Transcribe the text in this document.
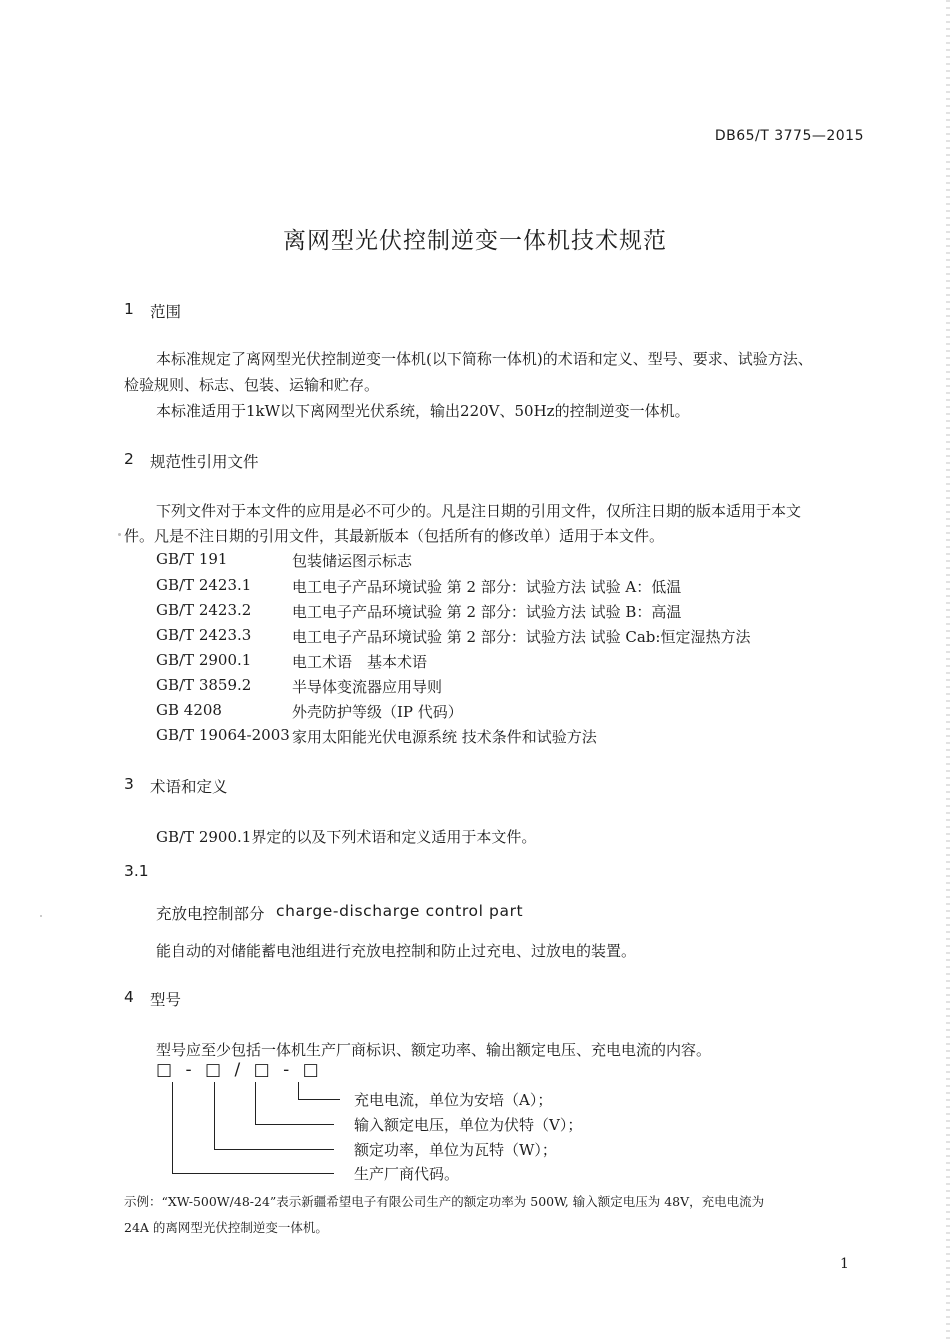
DB65/T 3775—2015
离网型光伏控制逆变一体机技术规范
1 范围
本标准规定了离网型光伏控制逆变一体机(以下简称一体机)的术语和定义、型号、要求、试验方法、
检验规则、标志、包装、运输和贮存。
本标准适用于1kW以下离网型光伏系统，输出220V、50Hz的控制逆变一体机。
2 规范性引用文件
下列文件对于本文件的应用是必不可少的。凡是注日期的引用文件，仅所注日期的版本适用于本文
件。凡是不注日期的引用文件，其最新版本（包括所有的修改单）适用于本文件。
GB/T 191	包装储运图示标志
GB/T 2423.1	电工电子产品环境试验 第 2 部分：试验方法 试验 A：低温
GB/T 2423.2	电工电子产品环境试验 第 2 部分：试验方法 试验 B：高温
GB/T 2423.3	电工电子产品环境试验 第 2 部分：试验方法 试验 Cab:恒定湿热方法
GB/T 2900.1	电工术语　基本术语
GB/T 3859.2	半导体变流器应用导则
GB 4208	外壳防护等级（IP 代码）
GB/T 19064-2003 家用太阳能光伏电源系统 技术条件和试验方法
3 术语和定义
GB/T 2900.1界定的以及下列术语和定义适用于本文件。
3.1
充放电控制部分 charge-discharge control part
能自动的对储能蓄电池组进行充放电控制和防止过充电、过放电的装置。
4 型号
型号应至少包括一体机生产厂商标识、额定功率、输出额定电压、充电电流的内容。
□ - □ / □ - □
充电电流，单位为安培（A）；
输入额定电压，单位为伏特（V）；
额定功率，单位为瓦特（W）；
生产厂商代码。
示例：“XW-500W/48-24”表示新疆希望电子有限公司生产的额定功率为 500W, 输入额定电压为 48V，充电电流为
24A 的离网型光伏控制逆变一体机。
1
